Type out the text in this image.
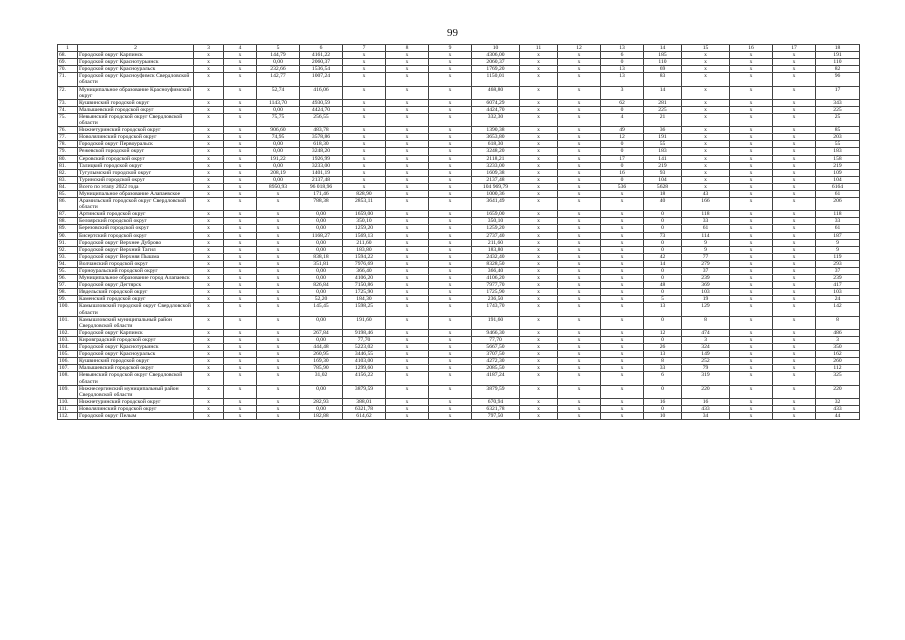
99
1	2	3	4	5	6	7	8	9	10	11	12	13	14	15	16	17	18
68.	Городской округ Карпинск	х	х	144,79	4161,22	х	х	х	4306,00	х	х	6	185	х	х	х	191
69.	Городской округ Краснотурьинск	х	х	0,00	2060,37	х	х	х	2060,37	х	х	0	110	х	х	х	110
70.	Городской округ Красноуральск	х	х	232,66	1536,54	х	х	х	1769,20	х	х	13	69	х	х	х	82
71.	Городской округ Красноуфимск Свердловской области	х	х	142,77	1007,24	х	х	х	1150,01	х	х	13	83	х	х	х	96
72.	Муниципальное образование Красноуфимский округ	х	х	52,74	416,06	х	х	х	468,80	х	х	3	14	х	х	х	17
73.	Кушвинский городской округ	х	х	1143,70	4930,59	х	х	х	6074,29	х	х	62	281	х	х	х	343
74.	Малышевский городской округ	х	х	0,00	4424,70	х	х	х	4424,70	х	х	0	225	х	х	х	225
75.	Невьянский городской округ Свердловской области	х	х	75,75	256,55	х	х	х	332,30	х	х	4	21	х	х	х	25
76.	Нижнетуринский городской округ	х	х	906,60	483,78	х	х	х	1390,38	х	х	49	36	х	х	х	85
77.	Новолялинский городской округ	х	х	74,95	3578,86	х	х	х	3653,80	х	х	12	191	х	х	х	203
78.	Городской округ Первоуральск	х	х	0,00	618,30	х	х	х	618,30	х	х	0	55	х	х	х	55
79.	Режевской городской округ	х	х	0,00	3248,20	х	х	х	3248,20	х	х	0	183	х	х	х	183
80.	Серовский городской округ	х	х	191,22	1926,99	х	х	х	2118,21	х	х	17	141	х	х	х	158
81.	Талицкий городской округ	х	х	0,00	3233,00	х	х	х	3233,00	х	х	0	219	х	х	х	219
82.	Тугулымский городской округ	х	х	208,19	1401,19	х	х	х	1609,38	х	х	16	93	х	х	х	109
83.	Туринский городской округ	х	х	0,00	2137,48	х	х	х	2137,48	х	х	0	104	х	х	х	104
84.	Всего по этапу 2022 года	х	х	8950,93	96 018,96	х	х	х	104 969,79	х	х	536	5628	х	х	х	6164
85.	Муниципальное образование Алапаевское	х	х	х	171,46	828,90	х	х	1000,36	х	х	х	18	43	х	х	61
86.	Арамильский городской округ Свердловской области	х	х	х	788,38	2853,11	х	х	3641,49	х	х	х	40	166	х	х	206
87.	Артинский городской округ	х	х	х	0,00	1659,00	х	х	1659,00	х	х	х	0	118	х	х	118
88.	Белоярский городской округ	х	х	х	0,00	350,10	х	х	350,10	х	х	х	0	33	х	х	33
89.	Березовский городской округ	х	х	х	0,00	1259,20	х	х	1259,20	х	х	х	0	61	х	х	61
90.	Бисертский городской округ	х	х	х	1168,27	1569,13	х	х	2737,40	х	х	х	73	114	х	х	187
91.	Городской округ Верхнее Дуброво	х	х	х	0,00	211,60	х	х	211,60	х	х	х	0	9	х	х	9
92.	Городской округ Верхний Тагил	х	х	х	0,00	183,80	х	х	183,80	х	х	х	0	9	х	х	9
93.	Городской округ Верхняя Пышма	х	х	х	838,18	1594,22	х	х	2432,40	х	х	х	42	77	х	х	119
94.	Волчанский городской округ	х	х	х	351,81	7976,69	х	х	8328,50	х	х	х	14	279	х	х	293
95.	Горноуральский городской округ	х	х	х	0,00	366,40	х	х	366,40	х	х	х	0	37	х	х	37
96.	Муниципальное образование город Алапаевск	х	х	х	0,00	4106,20	х	х	4106,20	х	х	х	0	239	х	х	239
97.	Городской округ Дегтярск	х	х	х	826,84	7150,86	х	х	7977,70	х	х	х	48	369	х	х	417
98.	Ивдельский городской округ	х	х	х	0,00	1725,90	х	х	1725,90	х	х	х	0	103	х	х	103
99.	Каменский городской округ	х	х	х	52,20	184,30	х	х	236,50	х	х	х	5	19	х	х	24
100.	Камышловский городской округ Свердловской области	х	х	х	145,45	1598,25	х	х	1743,70	х	х	х	13	129	х	х	142
101.	Камышловский муниципальный район Свердловской области	х	х	х	0,00	191,60	х	х	191,60	х	х	х	0	8	х	х	8
102.	Городской округ Карпинск	х	х	х	267,84	9198,46	х	х	9466,30	х	х	х	12	474	х	х	486
103.	Кировградский городской округ	х	х	х	0,00	77,70	х	х	77,70	х	х	х	0	3	х	х	3
104.	Городской округ Краснотурьинск	х	х	х	444,48	5223,02	х	х	5667,50	х	х	х	26	324	х	х	350
105.	Городской округ Красноуральск	х	х	х	260,95	3446,55	х	х	3707,50	х	х	х	13	149	х	х	162
106.	Кушвинский городской округ	х	х	х	169,30	4103,00	х	х	4272,30	х	х	х	8	252	х	х	260
107.	Малышевский городской округ	х	х	х	785,90	1299,60	х	х	2085,50	х	х	х	33	79	х	х	112
108.	Невьянский городской округ Свердловской области	х	х	х	31,02	4156,22	х	х	4187,24	х	х	х	6	319	х	х	325
109.	Нижнесергинский муниципальный район Свердловской области	х	х	х	0,00	3879,59	х	х	3879,59	х	х	х	0	220	х	х	220
110.	Нижнетуринский городской округ	х	х	х	282,93	388,01	х	х	670,94	х	х	х	16	16	х	х	32
111.	Новолялинский городской округ	х	х	х	0,00	6321,78	х	х	6321,78	х	х	х	0	433	х	х	433
112.	Городской округ Пелым	х	х	х	182,88	614,62	х	х	797,50	х	х	х	10	34	х	х	44
